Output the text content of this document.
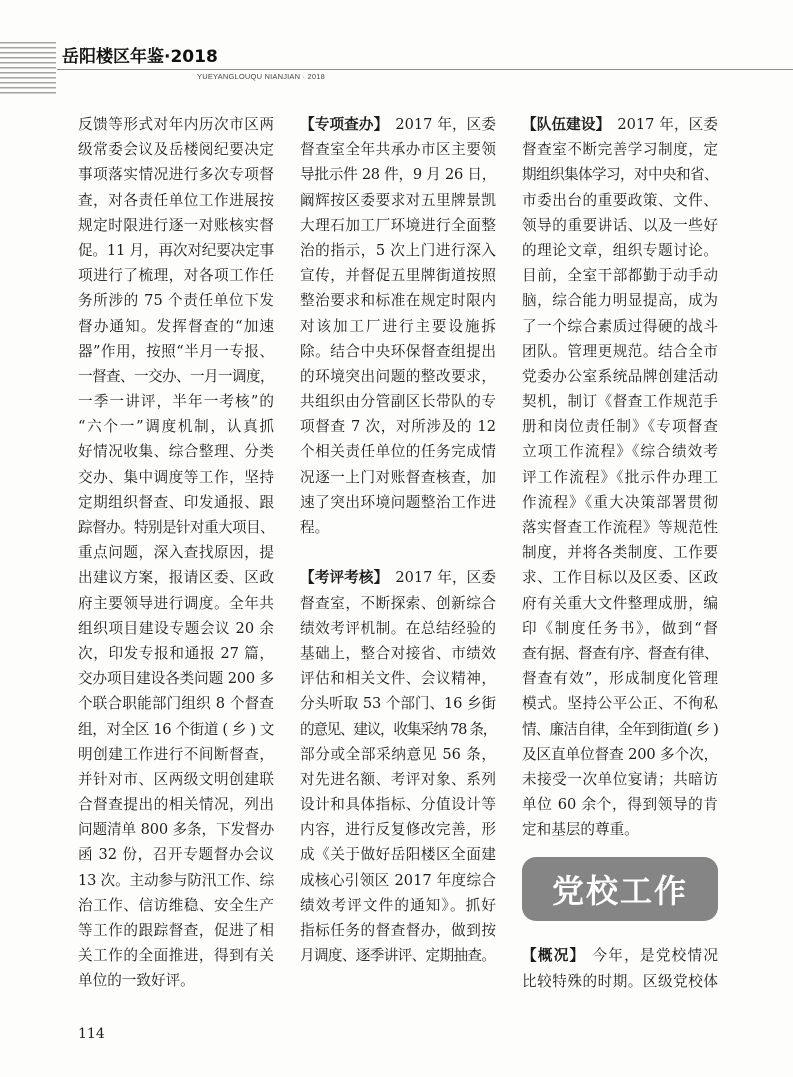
岳阳楼区年鉴·2018
YUEYANGLOUQU NIANJIAN · 2018
反馈等形式对年内历次市区两
级常委会议及岳楼阅纪要决定
事项落实情况进行多次专项督
查，对各责任单位工作进展按
规定时限进行逐一对账核实督
促。11 月，再次对纪要决定事
项进行了梳理，对各项工作任
务所涉的 75 个责任单位下发
督办通知。发挥督查的“加速
器”作用，按照“半月一专报、
一督查、一交办、一月一调度，
一季一讲评，半年一考核”的
“六个一”调度机制，认真抓
好情况收集、综合整理、分类
交办、集中调度等工作，坚持
定期组织督查、印发通报、跟
踪督办。特别是针对重大项目、
重点问题，深入查找原因，提
出建议方案，报请区委、区政
府主要领导进行调度。全年共
组织项目建设专题会议 20 余
次，印发专报和通报 27 篇，
交办项目建设各类问题 200 多
个联合职能部门组织 8 个督查
组，对全区 16 个街道 ( 乡 ) 文
明创建工作进行不间断督查，
并针对市、区两级文明创建联
合督查提出的相关情况，列出
问题清单 800 多条，下发督办
函 32 份，召开专题督办会议
13 次。主动参与防汛工作、综
治工作、信访维稳、安全生产
等工作的跟踪督查，促进了相
关工作的全面推进，得到有关
单位的一致好评。
【专项查办】 2017 年，区委
督查室全年共承办市区主要领
导批示件 28 件，9 月 26 日，
阚辉按区委要求对五里牌景凯
大理石加工厂环境进行全面整
治的指示，5 次上门进行深入
宣传，并督促五里牌街道按照
整治要求和标准在规定时限内
对该加工厂进行主要设施拆
除。结合中央环保督查组提出
的环境突出问题的整改要求，
共组织由分管副区长带队的专
项督查 7 次，对所涉及的 12
个相关责任单位的任务完成情
况逐一上门对账督查核查，加
速了突出环境问题整治工作进
程。
【考评考核】 2017 年，区委
督查室，不断探索、创新综合
绩效考评机制。在总结经验的
基础上，整合对接省、市绩效
评估和相关文件、会议精神，
分头听取 53 个部门、16 乡街
的意见、建议，收集采纳 78 条，
部分或全部采纳意见 56 条，
对先进名额、考评对象、系列
设计和具体指标、分值设计等
内容，进行反复修改完善，形
成《关于做好岳阳楼区全面建
成核心引领区 2017 年度综合
绩效考评文件的通知》。抓好
指标任务的督查督办，做到按
月调度、逐季讲评、定期抽查。
【队伍建设】 2017 年，区委
督查室不断完善学习制度，定
期组织集体学习，对中央和省、
市委出台的重要政策、文件、
领导的重要讲话、以及一些好
的理论文章，组织专题讨论。
目前，全室干部都勤于动手动
脑，综合能力明显提高，成为
了一个综合素质过得硬的战斗
团队。管理更规范。结合全市
党委办公室系统品牌创建活动
契机，制订《督查工作规范手
册和岗位责任制》《专项督查
立项工作流程》《综合绩效考
评工作流程》《批示件办理工
作流程》《重大决策部署贯彻
落实督查工作流程》等规范性
制度，并将各类制度、工作要
求、工作目标以及区委、区政
府有关重大文件整理成册，编
印《制度任务书》，做到“督
查有据、督查有序、督查有律、
督查有效”，形成制度化管理
模式。坚持公平公正、不徇私
情、廉洁自律，全年到街道( 乡 )
及区直单位督查 200 多个次，
未接受一次单位宴请；共暗访
单位 60 余个，得到领导的肯
定和基层的尊重。
党校工作
【概况】 今年，是党校情况
比较特殊的时期。区级党校体
114
